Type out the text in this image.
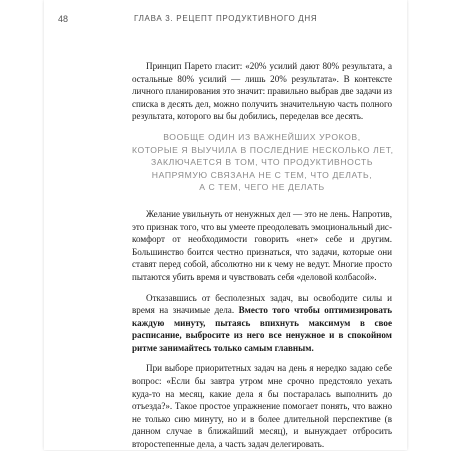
48	ГЛАВА 3. РЕЦЕПТ ПРОДУКТИВНОГО ДНЯ

Принцип Парето гласит: «20% усилий дают 80% результата, а остальные 80% усилий — лишь 20% результата». В контексте личного планирования это значит: правильно выбрав две задачи из списка в десять дел, можно получить значительную часть полного результата, которого вы бы добились, переделав все десять.

ВООБЩЕ ОДИН ИЗ ВАЖНЕЙШИХ УРОКОВ,
КОТОРЫЕ Я ВЫУЧИЛА В ПОСЛЕДНИЕ НЕСКОЛЬКО ЛЕТ,
ЗАКЛЮЧАЕТСЯ В ТОМ, ЧТО ПРОДУКТИВНОСТЬ
НАПРЯМУЮ СВЯЗАНА НЕ С ТЕМ, ЧТО ДЕЛАТЬ,
А С ТЕМ, ЧЕГО НЕ ДЕЛАТЬ

Желание увильнуть от ненужных дел — это не лень. Напротив, это признак того, что вы умеете преодолевать эмоциональный дис-комфорт от необходимости говорить «нет» себе и другим. Большинство боится честно признаться, что задачи, которые они ставят перед собой, абсолютно ни к чему не ведут. Многие просто пытаются убить время и чувствовать себя «деловой колбасой».

Отказавшись от бесполезных задач, вы освободите силы и время на значимые дела. Вместо того чтобы оптимизировать каждую минуту, пытаясь впихнуть максимум в свое расписание, выбросите из него все ненужное и в спокойном ритме занимайтесь только самым главным.

При выборе приоритетных задач на день я нередко задаю себе вопрос: «Если бы завтра утром мне срочно предстояло уехать куда-то на месяц, какие дела я бы постаралась выполнить до отъезда?». Такое простое упражнение помогает понять, что важно не только сию минуту, но и в более длительной перспективе (в данном случае в ближайший месяц), и вынуждает отбросить второстепенные дела, а часть задач делегировать.
